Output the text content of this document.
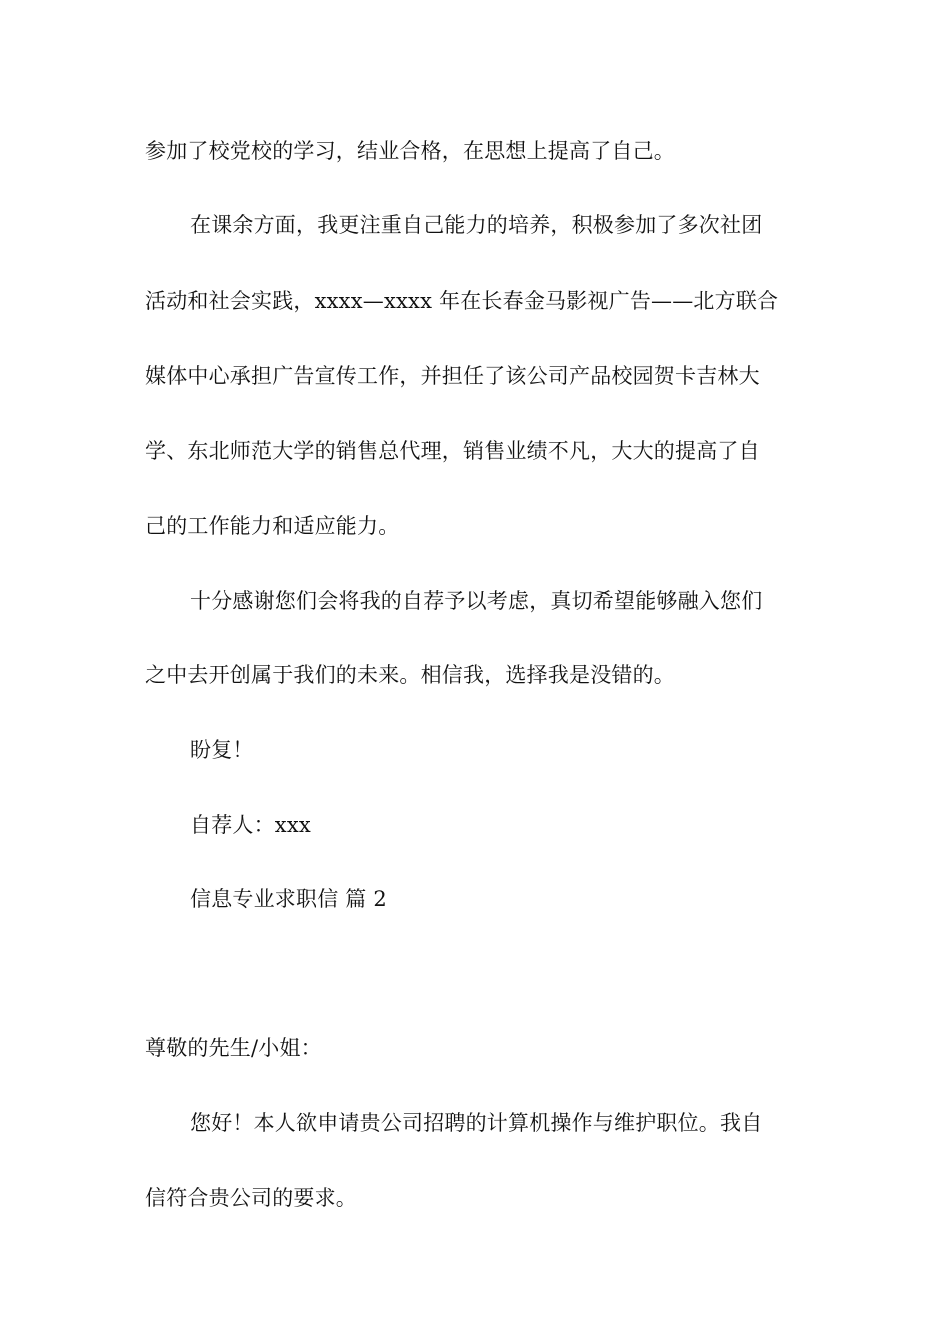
参加了校党校的学习，结业合格，在思想上提高了自己。
在课余方面，我更注重自己能力的培养，积极参加了多次社团
活动和社会实践，xxxx—xxxx 年在长春金马影视广告——北方联合
媒体中心承担广告宣传工作，并担任了该公司产品校园贺卡吉林大
学、东北师范大学的销售总代理，销售业绩不凡，大大的提高了自
己的工作能力和适应能力。
十分感谢您们会将我的自荐予以考虑，真切希望能够融入您们
之中去开创属于我们的未来。相信我，选择我是没错的。
盼复！
自荐人：xxx
信息专业求职信 篇 2
尊敬的先生/小姐：
您好！本人欲申请贵公司招聘的计算机操作与维护职位。我自
信符合贵公司的要求。
